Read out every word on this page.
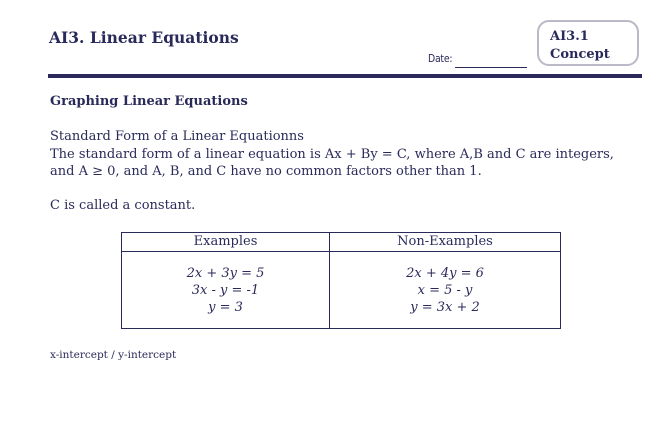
AI3. Linear Equations
Date:
AI3.1
Concept
Graphing Linear Equations
Standard Form of a Linear Equationns
The standard form of a linear equation is Ax + By = C, where A,B and C are integers,
and A ≥ 0, and A, B, and C have no common factors other than 1.
C is called a constant.
Examples	Non-Examples
2x + 3y = 5
3x - y = -1
y = 3
2x + 4y = 6
x = 5 - y
y = 3x + 2
x-intercept / y-intercept
